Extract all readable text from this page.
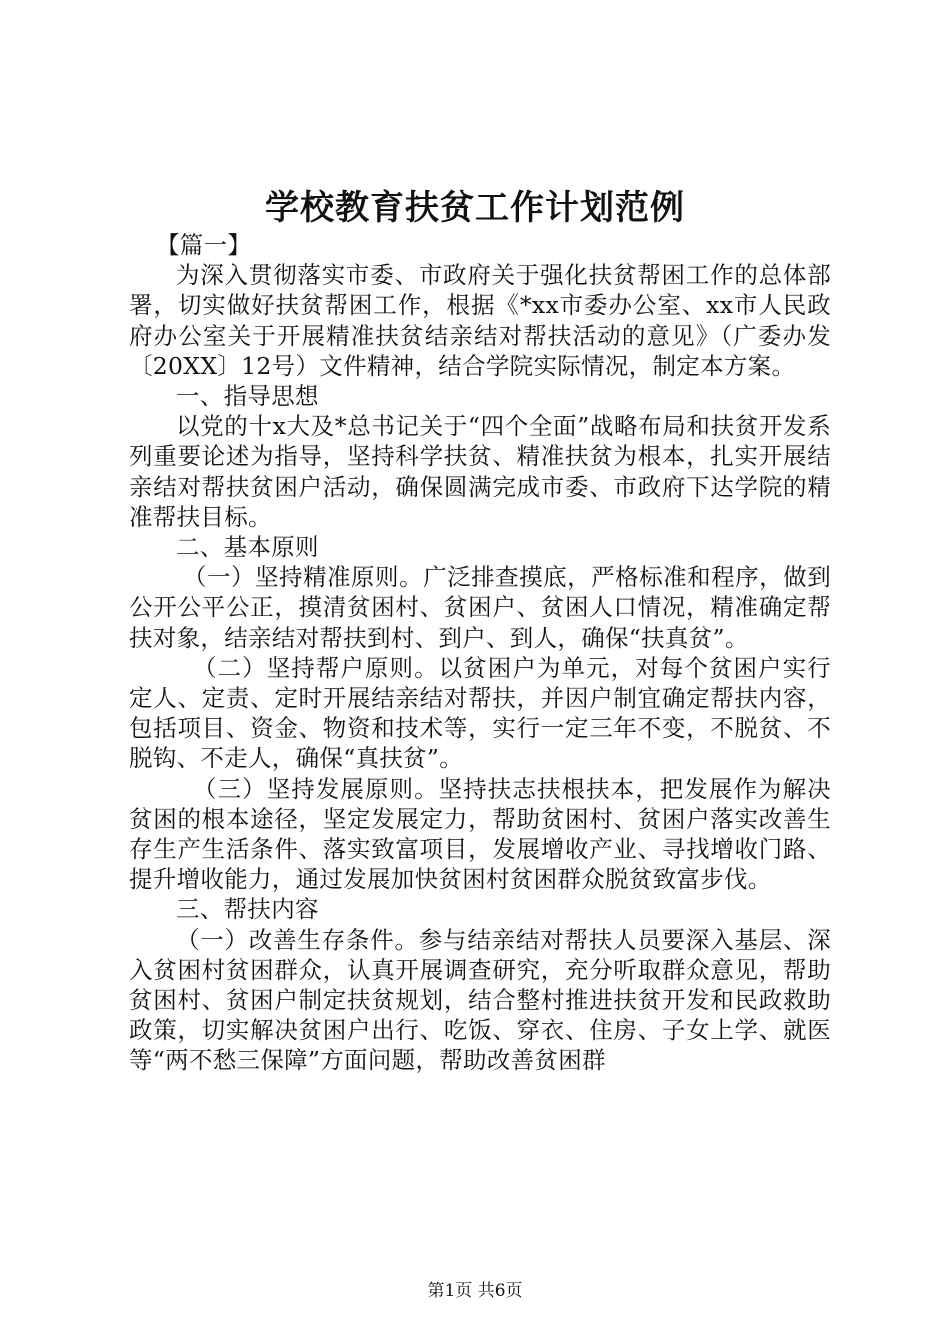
学校教育扶贫工作计划范例

【篇一】

为深入贯彻落实市委、市政府关于强化扶贫帮困工作的总体部署，切实做好扶贫帮困工作，根据《*xx市委办公室、xx市人民政府办公室关于开展精准扶贫结亲结对帮扶活动的意见》（广委办发〔20XX〕12号）文件精神，结合学院实际情况，制定本方案。

一、指导思想

以党的十x大及*总书记关于“四个全面”战略布局和扶贫开发系列重要论述为指导，坚持科学扶贫、精准扶贫为根本，扎实开展结亲结对帮扶贫困户活动，确保圆满完成市委、市政府下达学院的精准帮扶目标。

二、基本原则

（一）坚持精准原则。广泛排查摸底，严格标准和程序，做到公开公平公正，摸清贫困村、贫困户、贫困人口情况，精准确定帮扶对象，结亲结对帮扶到村、到户、到人，确保“扶真贫”。

（二）坚持帮户原则。以贫困户为单元，对每个贫困户实行定人、定责、定时开展结亲结对帮扶，并因户制宜确定帮扶内容，包括项目、资金、物资和技术等，实行一定三年不变，不脱贫、不脱钩、不走人，确保“真扶贫”。

（三）坚持发展原则。坚持扶志扶根扶本，把发展作为解决贫困的根本途径，坚定发展定力，帮助贫困村、贫困户落实改善生存生产生活条件、落实致富项目，发展增收产业、寻找增收门路、提升增收能力，通过发展加快贫困村贫困群众脱贫致富步伐。

三、帮扶内容

（一）改善生存条件。参与结亲结对帮扶人员要深入基层、深入贫困村贫困群众，认真开展调查研究，充分听取群众意见，帮助贫困村、贫困户制定扶贫规划，结合整村推进扶贫开发和民政救助政策，切实解决贫困户出行、吃饭、穿衣、住房、子女上学、就医等“两不愁三保障”方面问题，帮助改善贫困群

第1页 共6页
